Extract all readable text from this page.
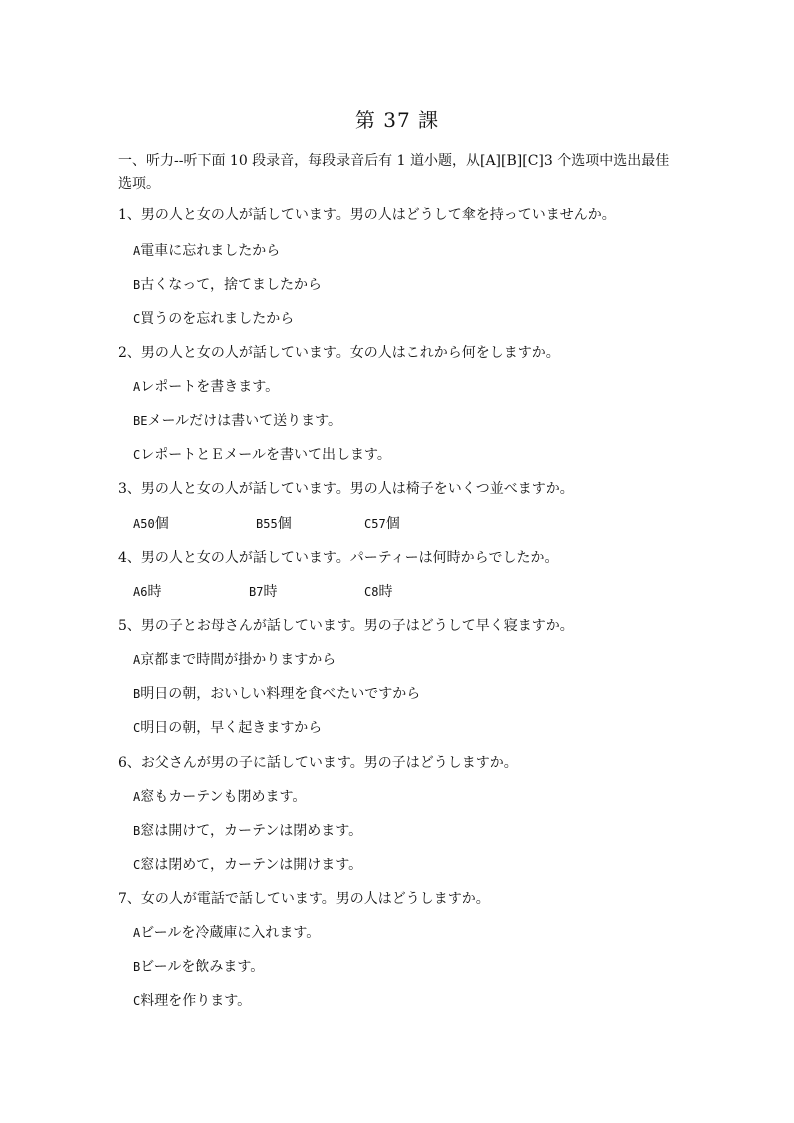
第 37 課
一、听力--听下面 10 段录音，每段录音后有 1 道小题，从[A][B][C]3 个选项中选出最佳选项。
1、男の人と女の人が話しています。男の人はどうして傘を持っていませんか。
A電車に忘れましたから
B古くなって，捨てましたから
C買うのを忘れましたから
2、男の人と女の人が話しています。女の人はこれから何をしますか。
Aレポートを書きます。
BEメールだけは書いて送ります。
CレポートとＥメールを書いて出します。
3、男の人と女の人が話しています。男の人は椅子をいくつ並べますか。
A50個	B55個	C57個
4、男の人と女の人が話しています。パーティーは何時からでしたか。
A6時	B7時	C8時
5、男の子とお母さんが話しています。男の子はどうして早く寝ますか。
A京都まで時間が掛かりますから
B明日の朝，おいしい料理を食べたいですから
C明日の朝，早く起きますから
6、お父さんが男の子に話しています。男の子はどうしますか。
A窓もカーテンも閉めます。
B窓は開けて，カーテンは閉めます。
C窓は閉めて，カーテンは開けます。
7、女の人が電話で話しています。男の人はどうしますか。
Aビールを冷蔵庫に入れます。
Bビールを飲みます。
C料理を作ります。
